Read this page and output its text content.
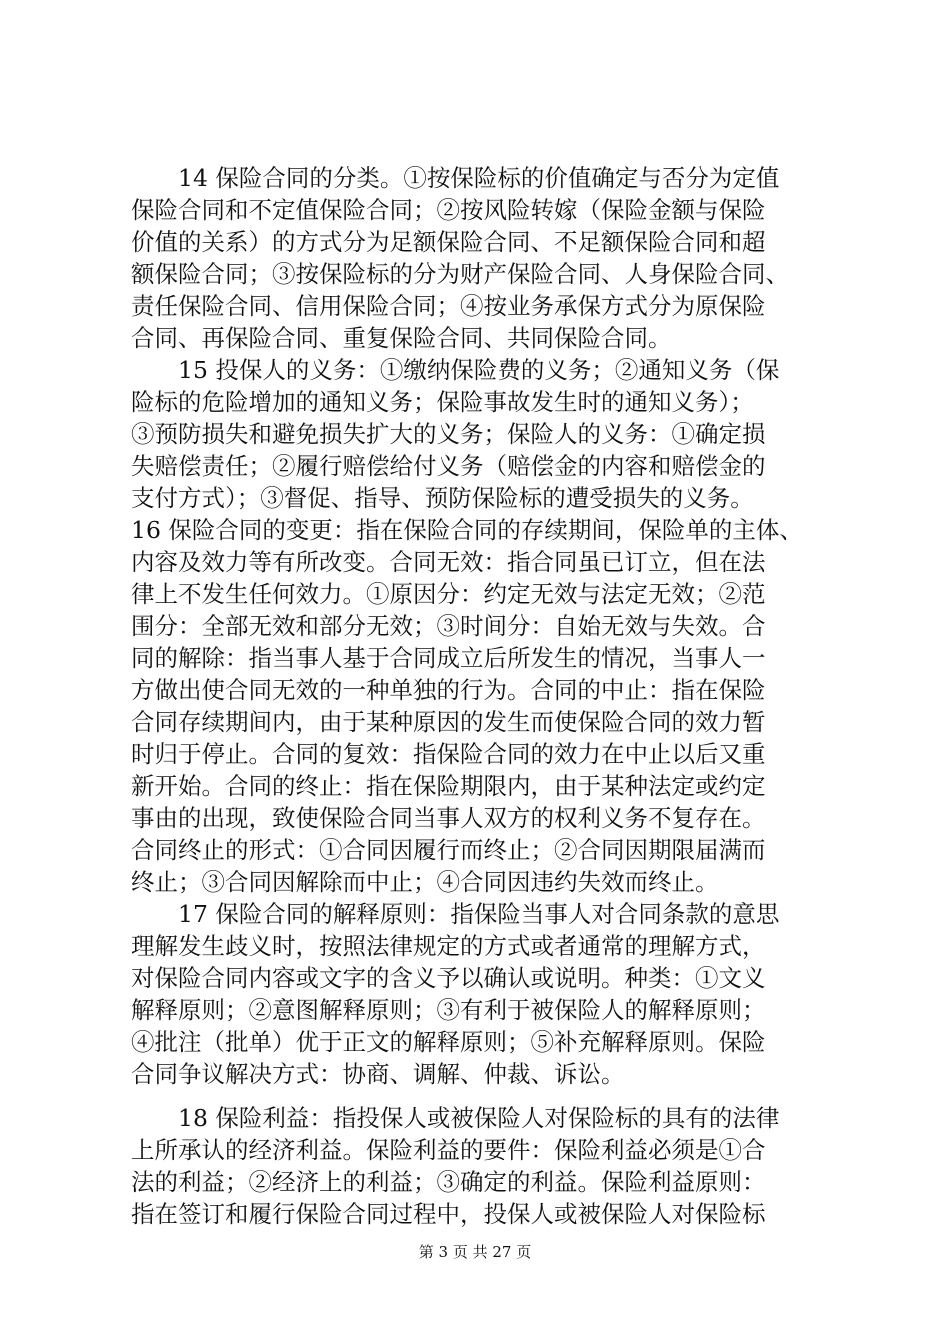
　　14 保险合同的分类。①按保险标的价值确定与否分为定值
保险合同和不定值保险合同；②按风险转嫁（保险金额与保险
价值的关系）的方式分为足额保险合同、不足额保险合同和超
额保险合同；③按保险标的分为财产保险合同、人身保险合同、
责任保险合同、信用保险合同；④按业务承保方式分为原保险
合同、再保险合同、重复保险合同、共同保险合同。
　　15 投保人的义务：①缴纳保险费的义务；②通知义务（保
险标的危险增加的通知义务；保险事故发生时的通知义务）；
③预防损失和避免损失扩大的义务；保险人的义务：①确定损
失赔偿责任；②履行赔偿给付义务（赔偿金的内容和赔偿金的
支付方式）；③督促、指导、预防保险标的遭受损失的义务。
16 保险合同的变更：指在保险合同的存续期间，保险单的主体、
内容及效力等有所改变。合同无效：指合同虽已订立，但在法
律上不发生任何效力。①原因分：约定无效与法定无效；②范
围分：全部无效和部分无效；③时间分：自始无效与失效。合
同的解除：指当事人基于合同成立后所发生的情况，当事人一
方做出使合同无效的一种单独的行为。合同的中止：指在保险
合同存续期间内，由于某种原因的发生而使保险合同的效力暂
时归于停止。合同的复效：指保险合同的效力在中止以后又重
新开始。合同的终止：指在保险期限内，由于某种法定或约定
事由的出现，致使保险合同当事人双方的权利义务不复存在。
合同终止的形式：①合同因履行而终止；②合同因期限届满而
终止；③合同因解除而中止；④合同因违约失效而终止。
　　17 保险合同的解释原则：指保险当事人对合同条款的意思
理解发生歧义时，按照法律规定的方式或者通常的理解方式，
对保险合同内容或文字的含义予以确认或说明。种类：①文义
解释原则；②意图解释原则；③有利于被保险人的解释原则；
④批注（批单）优于正文的解释原则；⑤补充解释原则。保险
合同争议解决方式：协商、调解、仲裁、诉讼。
　　18 保险利益：指投保人或被保险人对保险标的具有的法律
上所承认的经济利益。保险利益的要件：保险利益必须是①合
法的利益；②经济上的利益；③确定的利益。保险利益原则：
指在签订和履行保险合同过程中，投保人或被保险人对保险标
第 3 页 共 27 页
